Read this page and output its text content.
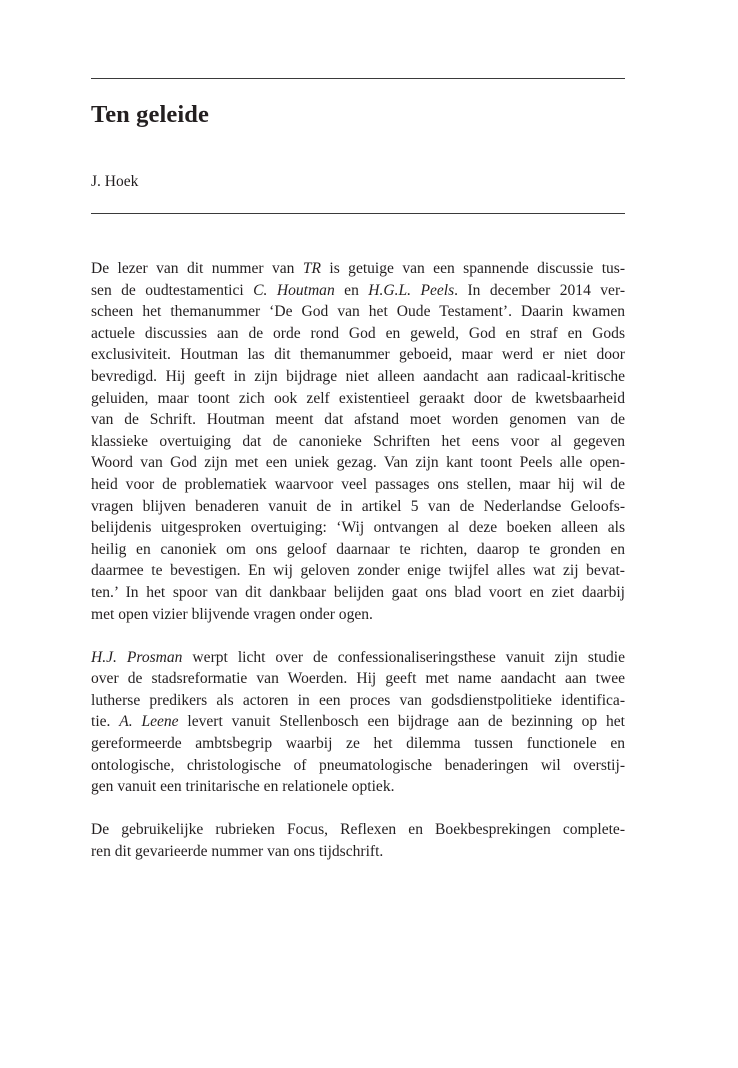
Ten geleide

J. Hoek

De lezer van dit nummer van TR is getuige van een spannende discussie tus-
sen de oudtestamentici C. Houtman en H.G.L. Peels. In december 2014 ver-
scheen het themanummer ‘De God van het Oude Testament’. Daarin kwamen
actuele discussies aan de orde rond God en geweld, God en straf en Gods
exclusiviteit. Houtman las dit themanummer geboeid, maar werd er niet door
bevredigd. Hij geeft in zijn bijdrage niet alleen aandacht aan radicaal-kritische
geluiden, maar toont zich ook zelf existentieel geraakt door de kwetsbaarheid
van de Schrift. Houtman meent dat afstand moet worden genomen van de
klassieke overtuiging dat de canonieke Schriften het eens voor al gegeven
Woord van God zijn met een uniek gezag. Van zijn kant toont Peels alle open-
heid voor de problematiek waarvoor veel passages ons stellen, maar hij wil de
vragen blijven benaderen vanuit de in artikel 5 van de Nederlandse Geloofs-
belijdenis uitgesproken overtuiging: ‘Wij ontvangen al deze boeken alleen als
heilig en canoniek om ons geloof daarnaar te richten, daarop te gronden en
daarmee te bevestigen. En wij geloven zonder enige twijfel alles wat zij bevat-
ten.’ In het spoor van dit dankbaar belijden gaat ons blad voort en ziet daarbij
met open vizier blijvende vragen onder ogen.

H.J. Prosman werpt licht over de confessionaliseringsthese vanuit zijn studie
over de stadsreformatie van Woerden. Hij geeft met name aandacht aan twee
lutherse predikers als actoren in een proces van godsdienstpolitieke identifica-
tie. A. Leene levert vanuit Stellenbosch een bijdrage aan de bezinning op het
gereformeerde ambtsbegrip waarbij ze het dilemma tussen functionele en
ontologische, christologische of pneumatologische benaderingen wil overstij-
gen vanuit een trinitarische en relationele optiek.

De gebruikelijke rubrieken Focus, Reflexen en Boekbesprekingen complete-
ren dit gevarieerde nummer van ons tijdschrift.
